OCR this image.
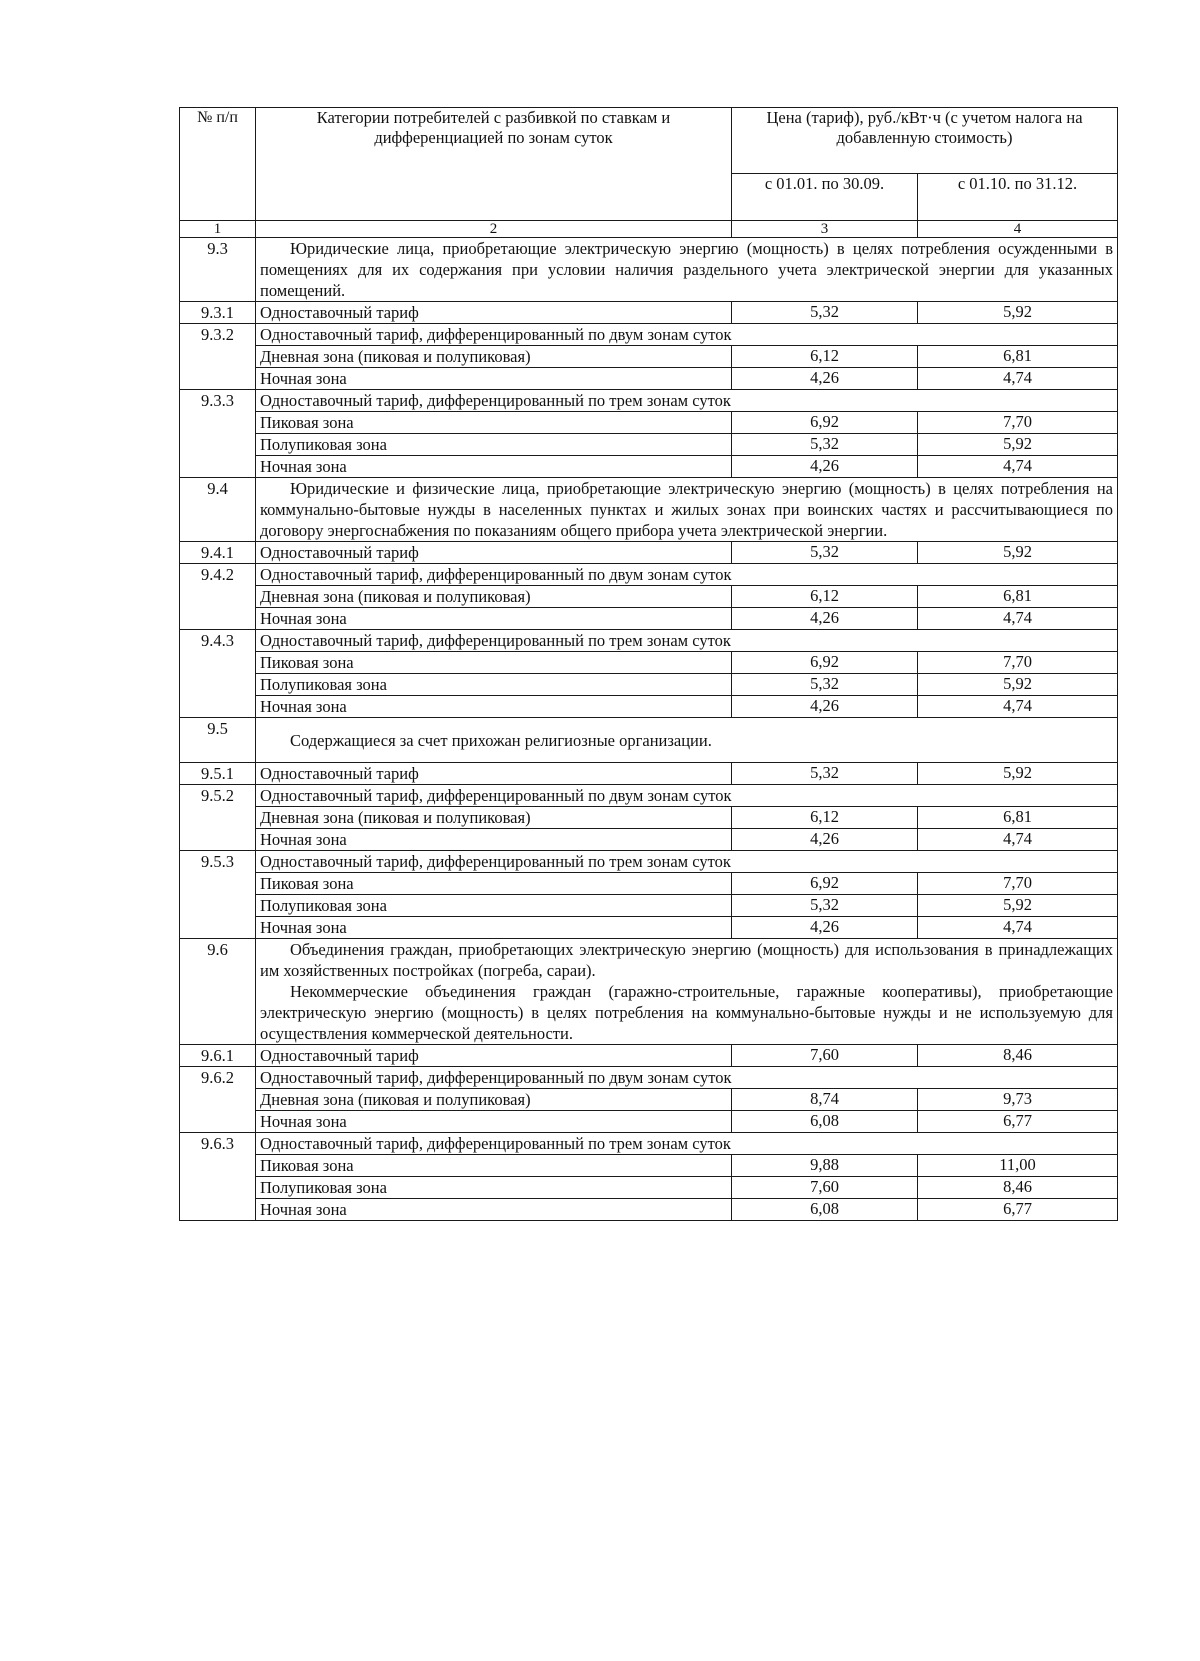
№ п/п	Категории потребителей с разбивкой по ставкам и дифференциацией по зонам суток	Цена (тариф), руб./кВт·ч (с учетом налога на добавленную стоимость)	
		с 01.01. по 30.09.	с 01.10. по 31.12.
1	2	3	4
9.3	Юридические лица, приобретающие электрическую энергию (мощность) в целях потребления осужденными в помещениях для их содержания при условии наличия раздельного учета электрической энергии для указанных помещений.		

9.3.1	Одноставочный тариф	5,32	5,92
9.3.2	Одноставочный тариф, дифференцированный по двум зонам суток		
	Дневная зона (пиковая и полупиковая)	6,12	6,81
	Ночная зона	4,26	4,74
9.3.3	Одноставочный тариф, дифференцированный по трем зонам суток		
	Пиковая зона	6,92	7,70
	Полупиковая зона	5,32	5,92
	Ночная зона	4,26	4,74
9.4	Юридические и физические лица, приобретающие электрическую энергию (мощность) в целях потребления на коммунально-бытовые нужды в населенных пунктах и жилых зонах при воинских частях и рассчитывающиеся по договору энергоснабжения по показаниям общего прибора учета электрической энергии.		

9.4.1	Одноставочный тариф	5,32	5,92
9.4.2	Одноставочный тариф, дифференцированный по двум зонам суток		
	Дневная зона (пиковая и полупиковая)	6,12	6,81
	Ночная зона	4,26	4,74
9.4.3	Одноставочный тариф, дифференцированный по трем зонам суток		
	Пиковая зона	6,92	7,70
	Полупиковая зона	5,32	5,92
	Ночная зона	4,26	4,74
9.5	Содержащиеся за счет прихожан религиозные организации.		

9.5.1	Одноставочный тариф	5,32	5,92
9.5.2	Одноставочный тариф, дифференцированный по двум зонам суток		
	Дневная зона (пиковая и полупиковая)	6,12	6,81
	Ночная зона	4,26	4,74
9.5.3	Одноставочный тариф, дифференцированный по трем зонам суток		
	Пиковая зона	6,92	7,70
	Полупиковая зона	5,32	5,92
	Ночная зона	4,26	4,74
9.6	Объединения граждан, приобретающих электрическую энергию (мощность) для использования в принадлежащих им хозяйственных постройках (погреба, сараи).

Некоммерческие объединения граждан (гаражно-строительные, гаражные кооперативы), приобретающие электрическую энергию (мощность) в целях потребления на коммунально-бытовые нужды и не используемую для осуществления коммерческой деятельности.		

9.6.1	Одноставочный тариф	7,60	8,46
9.6.2	Одноставочный тариф, дифференцированный по двум зонам суток		
	Дневная зона (пиковая и полупиковая)	8,74	9,73
	Ночная зона	6,08	6,77
9.6.3	Одноставочный тариф, дифференцированный по трем зонам суток		
	Пиковая зона	9,88	11,00
	Полупиковая зона	7,60	8,46
	Ночная зона	6,08	6,77
